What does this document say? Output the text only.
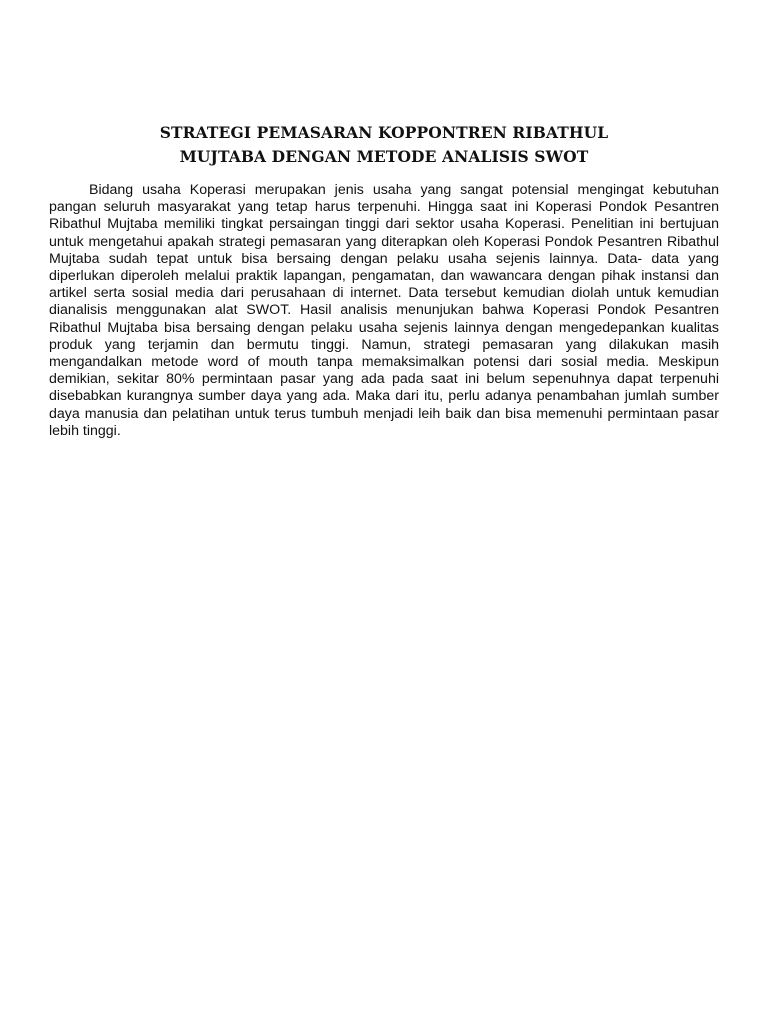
STRATEGI PEMASARAN KOPPONTREN RIBATHUL
MUJTABA DENGAN METODE ANALISIS SWOT

Bidang usaha Koperasi merupakan jenis usaha yang sangat potensial mengingat kebutuhan pangan seluruh masyarakat yang tetap harus terpenuhi. Hingga saat ini Koperasi Pondok Pesantren Ribathul Mujtaba memiliki tingkat persaingan tinggi dari sektor usaha Koperasi. Penelitian ini bertujuan untuk mengetahui apakah strategi pemasaran yang diterapkan oleh Koperasi Pondok Pesantren Ribathul Mujtaba sudah tepat untuk bisa bersaing dengan pelaku usaha sejenis lainnya. Data- data yang diperlukan diperoleh melalui praktik lapangan, pengamatan, dan wawancara dengan pihak instansi dan artikel serta sosial media dari perusahaan di internet. Data tersebut kemudian diolah untuk kemudian dianalisis menggunakan alat SWOT. Hasil analisis menunjukan bahwa Koperasi Pondok Pesantren Ribathul Mujtaba bisa bersaing dengan pelaku usaha sejenis lainnya dengan mengedepankan kualitas produk yang terjamin dan bermutu tinggi. Namun, strategi pemasaran yang dilakukan masih mengandalkan metode word of mouth tanpa memaksimalkan potensi dari sosial media. Meskipun demikian, sekitar 80% permintaan pasar yang ada pada saat ini belum sepenuhnya dapat terpenuhi disebabkan kurangnya sumber daya yang ada. Maka dari itu, perlu adanya penambahan jumlah sumber daya manusia dan pelatihan untuk terus tumbuh menjadi leih baik dan bisa memenuhi permintaan pasar lebih tinggi.
